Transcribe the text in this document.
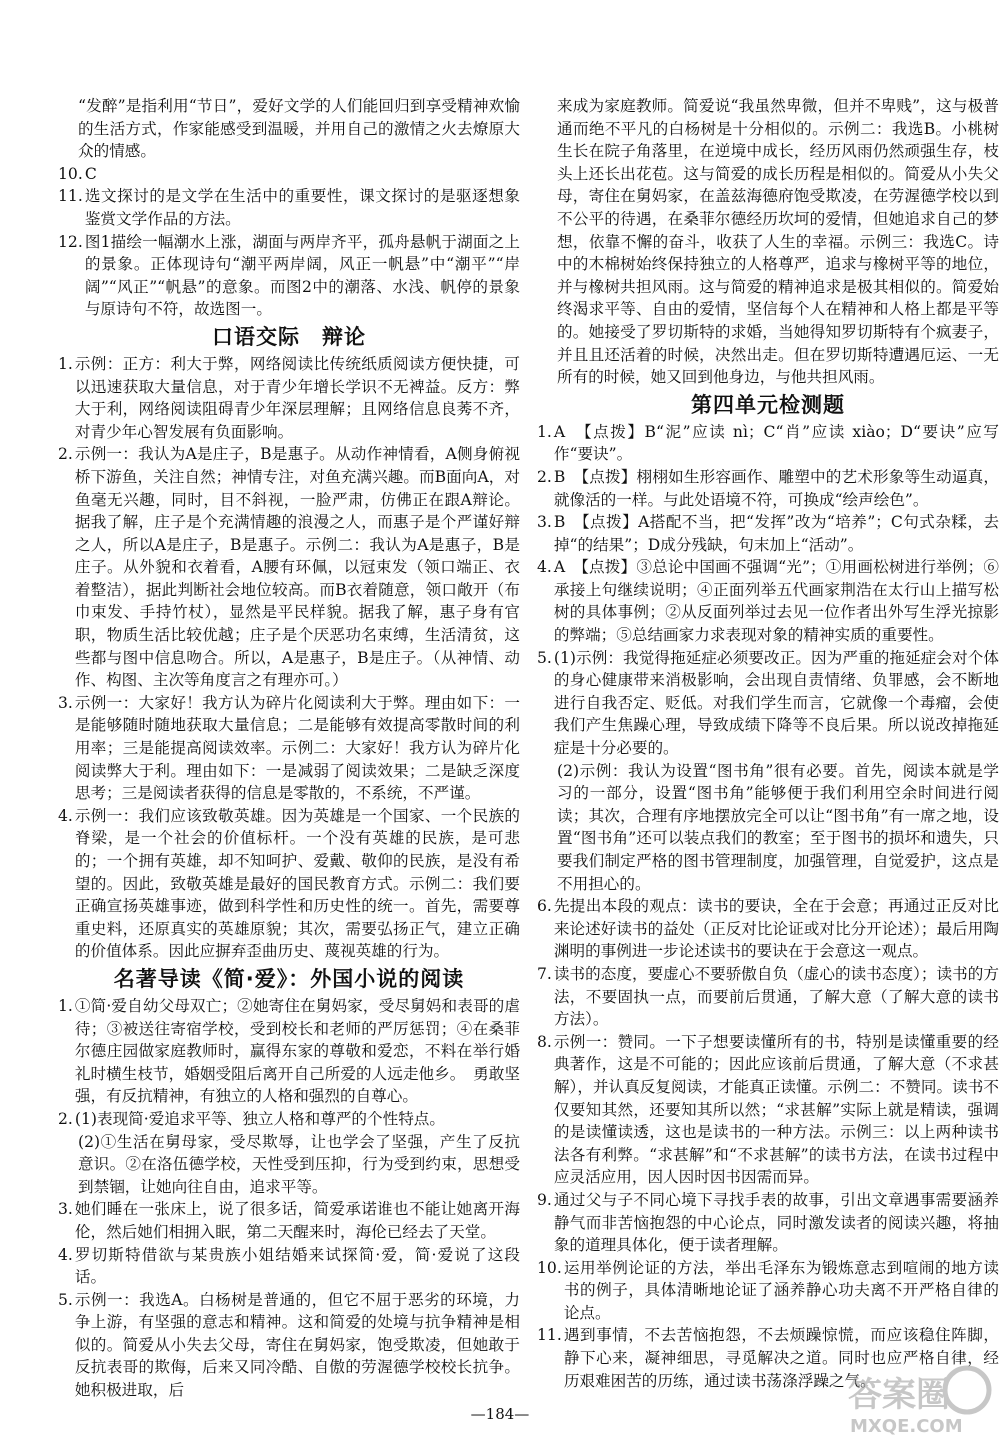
“发醉”是指利用“节日”，爱好文学的人们能回归到享受精神欢愉的生活方式，作家能感受到温暖，并用自己的激情之火去燎原大众的情感。
10. C
11. 选文探讨的是文学在生活中的重要性，课文探讨的是驱逐想象鉴赏文学作品的方法。
12. 图1描绘一幅潮水上涨，湖面与两岸齐平，孤舟悬帆于湖面之上的景象。正体现诗句“潮平两岸阔，风正一帆悬”中“潮平”“岸阔”“风正”“帆悬”的意象。而图2中的潮落、水浅、帆停的景象与原诗句不符，故选图一。
口语交际　辩论
1. 示例：正方：利大于弊，网络阅读比传统纸质阅读方便快捷，可以迅速获取大量信息，对于青少年增长学识不无裨益。反方：弊大于利，网络阅读阻碍青少年深层理解；且网络信息良莠不齐，对青少年心智发展有负面影响。
2. 示例一：我认为A是庄子，B是惠子。从动作神情看，A侧身俯视桥下游鱼，关注自然；神情专注，对鱼充满兴趣。而B面向A，对鱼毫无兴趣，同时，目不斜视，一脸严肃，仿佛正在跟A辩论。据我了解，庄子是个充满情趣的浪漫之人，而惠子是个严谨好辩之人，所以A是庄子，B是惠子。示例二：我认为A是惠子，B是庄子。从外貌和衣着看，A腰有环佩，以冠束发（领口端正、衣着整洁），据此判断社会地位较高。而B衣着随意，领口敞开（布巾束发、手持竹杖），显然是平民样貌。据我了解，惠子身有官职，物质生活比较优越；庄子是个厌恶功名束缚，生活清贫，这些都与图中信息吻合。所以，A是惠子，B是庄子。（从神情、动作、构图、主次等角度言之有理亦可。）
3. 示例一：大家好！我方认为碎片化阅读利大于弊。理由如下：一是能够随时随地获取大量信息；二是能够有效提高零散时间的利用率；三是能提高阅读效率。示例二：大家好！我方认为碎片化阅读弊大于利。理由如下：一是减弱了阅读效果；二是缺乏深度思考；三是阅读者获得的信息是零散的，不系统，不严谨。
4. 示例一：我们应该致敬英雄。因为英雄是一个国家、一个民族的脊梁，是一个社会的价值标杆。一个没有英雄的民族，是可悲的；一个拥有英雄，却不知呵护、爱戴、敬仰的民族，是没有希望的。因此，致敬英雄是最好的国民教育方式。示例二：我们要正确宣扬英雄事迹，做到科学性和历史性的统一。首先，需要尊重史料，还原真实的英雄原貌；其次，需要弘扬正气，建立正确的价值体系。因此应摒弃歪曲历史、蔑视英雄的行为。
名著导读《简·爱》：外国小说的阅读
1. ①简·爱自幼父母双亡；②她寄住在舅妈家，受尽舅妈和表哥的虐待；③被送往寄宿学校，受到校长和老师的严厉惩罚；④在桑菲尔德庄园做家庭教师时，赢得东家的尊敬和爱恋，不料在举行婚礼时横生枝节，婚姻受阻后离开自己所爱的人远走他乡。　勇敢坚强，有反抗精神，有独立的人格和强烈的自尊心。
2. (1)表现简·爱追求平等、独立人格和尊严的个性特点。
(2)①生活在舅母家，受尽欺辱，让也学会了坚强，产生了反抗意识。②在洛伍德学校，天性受到压抑，行为受到约束，思想受到禁锢，让她向往自由，追求平等。
3. 她们睡在一张床上，说了很多话，简爱承诺谁也不能让她离开海伦，然后她们相拥入眠，第二天醒来时，海伦已经去了天堂。
4. 罗切斯特借欲与某贵族小姐结婚来试探简·爱，简·爱说了这段话。
5. 示例一：我选A。白杨树是普通的，但它不屈于恶劣的环境，力争上游，有坚强的意志和精神。这和简爱的处境与抗争精神是相似的。简爱从小失去父母，寄住在舅妈家，饱受欺凌，但她敢于反抗表哥的欺侮，后来又同冷酷、自傲的劳渥德学校校长抗争。她积极进取，后
来成为家庭教师。简爱说“我虽然卑微，但并不卑贱”，这与极普通而绝不平凡的白杨树是十分相似的。示例二：我选B。小桃树生长在院子角落里，在逆境中成长，经历风雨仍然顽强生存，枝头上还长出花苞。这与简爱的成长历程是相似的。简爱从小失父母，寄住在舅妈家，在盖兹海德府饱受欺凌，在劳渥德学校以到不公平的待遇，在桑菲尔德经历坎坷的爱情，但她追求自己的梦想，依靠不懈的奋斗，收获了人生的幸福。示例三：我选C。诗中的木棉树始终保持独立的人格尊严，追求与橡树平等的地位，并与橡树共担风雨。这与简爱的精神追求是极其相似的。简爱始终渴求平等、自由的爱情，坚信每个人在精神和人格上都是平等的。她接受了罗切斯特的求婚，当她得知罗切斯特有个疯妻子，并且且还活着的时候，决然出走。但在罗切斯特遭遇厄运、一无所有的时候，她又回到他身边，与他共担风雨。
第四单元检测题
1. A　【点拨】B“泥”应读 nì；C“肖”应读 xiào；D“要诀”应写作“要诀”。
2. B　【点拨】栩栩如生形容画作、雕塑中的艺术形象等生动逼真，就像活的一样。与此处语境不符，可换成“绘声绘色”。
3. B　【点拨】A搭配不当，把“发挥”改为“培养”；C句式杂糅，去掉“的结果”；D成分残缺，句末加上“活动”。
4. A　【点拨】③总论中国画不强调“光”；①用画松树进行举例；⑥承接上句继续说明；④正面列举五代画家荆浩在太行山上描写松树的具体事例；②从反面列举过去见一位作者出外写生浮光掠影的弊端；⑤总结画家力求表现对象的精神实质的重要性。
5. (1)示例：我觉得拖延症必须要改正。因为严重的拖延症会对个体的身心健康带来消极影响，会出现自责情绪、负罪感，会不断地进行自我否定、贬低。对我们学生而言，它就像一个毒瘤，会使我们产生焦躁心理，导致成绩下降等不良后果。所以说改掉拖延症是十分必要的。
(2)示例：我认为设置“图书角”很有必要。首先，阅读本就是学习的一部分，设置“图书角”能够便于我们利用空余时间进行阅读；其次，合理有序地摆放完全可以让“图书角”有一席之地，设置“图书角”还可以装点我们的教室；至于图书的损坏和遗失，只要我们制定严格的图书管理制度，加强管理，自觉爱护，这点是不用担心的。
6. 先提出本段的观点：读书的要诀，全在于会意；再通过正反对比来论述好读书的益处（正反对比论证或对比分开论述）；最后用陶渊明的事例进一步论述读书的要诀在于会意这一观点。
7. 读书的态度，要虚心不要骄傲自负（虚心的读书态度）；读书的方法，不要固执一点，而要前后贯通，了解大意（了解大意的读书方法）。
8. 示例一：赞同。一下子想要读懂所有的书，特别是读懂重要的经典著作，这是不可能的；因此应该前后贯通，了解大意（不求甚解），并认真反复阅读，才能真正读懂。示例二：不赞同。读书不仅要知其然，还要知其所以然；“求甚解”实际上就是精读，强调的是读懂读透，这也是读书的一种方法。示例三：以上两种读书法各有利弊。“求甚解”和“不求甚解”的读书方法，在读书过程中应灵活应用，因人因时因书因需而异。
9. 通过父与子不同心境下寻找手表的故事，引出文章遇事需要涵养静气而非苦恼抱怨的中心论点，同时激发读者的阅读兴趣，将抽象的道理具体化，便于读者理解。
10. 运用举例论证的方法，举出毛泽东为锻炼意志到喧闹的地方读书的例子，具体清晰地论证了涵养静心功夫离不开严格自律的论点。
11. 遇到事情，不去苦恼抱怨，不去烦躁惊慌，而应该稳住阵脚，静下心来，凝神细思，寻觅解决之道。同时也应严格自律，经历艰难困苦的历练，通过读书荡涤浮躁之气。
—184—	答案圈
MXQE.COM
